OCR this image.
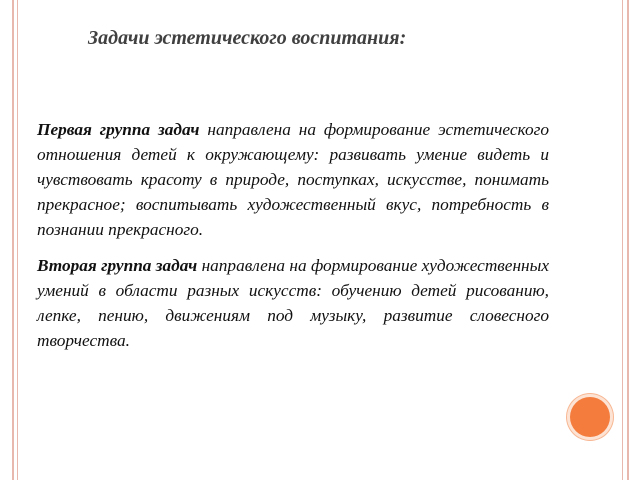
Задачи эстетического воспитания:

Первая группа задач направлена на формирование эстетического отношения детей к окружающему: развивать умение видеть и чувствовать красоту в природе, поступках, искусстве, понимать прекрасное; воспитывать художественный вкус, потребность в познании прекрасного.

Вторая группа задач направлена на формирование художественных умений в области разных искусств: обучению детей рисованию, лепке, пению, движениям под музыку, развитие словесного творчества.
